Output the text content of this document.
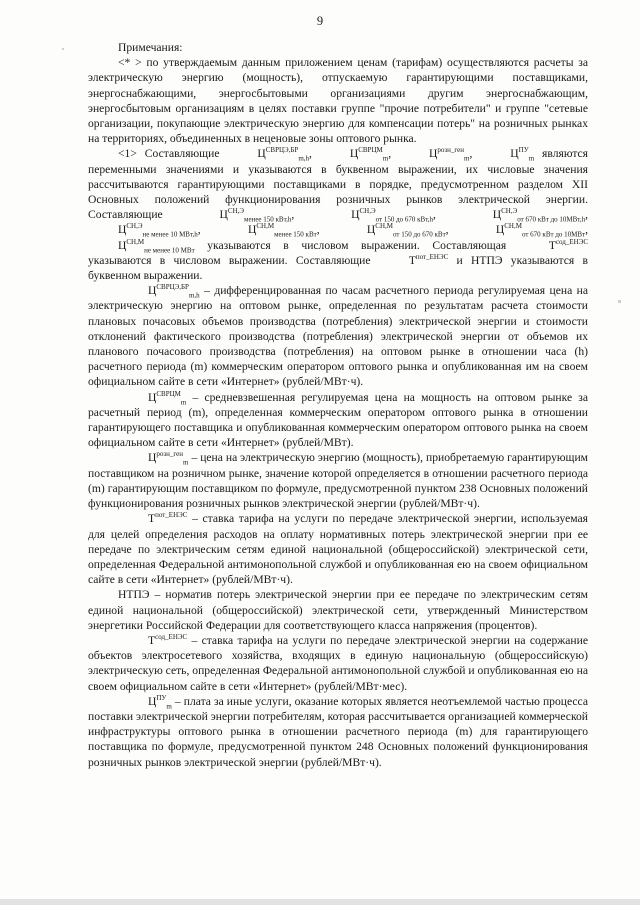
9
Примечания:

<* > по утверждаемым данным приложением ценам (тарифам) осуществляются расчеты за электрическую энергию (мощность), отпускаемую гарантирующими поставщиками, энергоснабжающими, энергосбытовыми организациями другим энергоснабжающим, энергосбытовым организациям в целях поставки группе "прочие потребители" и группе "сетевые организации, покупающие электрическую энергию для компенсации потерь" на розничных рынках на территориях, объединенных в неценовые зоны оптового рынка.

<1> Составляющие	$Ц^{СВРЦЭ,БР}_{m,h}$,	$Ц^{СВРЦМ}_m$,	$Ц^{розн\_ген}_m$,	$Ц^{ПУ}_m$ являются переменными значениями и указываются в буквенном выражении, их числовые значения рассчитываются гарантирующими поставщиками в порядке, предусмотренном разделом XII Основных положений функционирования розничных рынков электрической энергии. Составляющие	$Ц^{СН,Э}_{менее 150 кВт,h}$,	$Ц^{СН,Э}_{от 150 до 670 кВт,h}$,	$Ц^{СН,Э}_{от 670 кВт до 10МВт,h}$, $Ц^{СН,Э}_{не менее 10 МВт,h}$,	$Ц^{СН,М}_{менее 150 кВт}$,	$Ц^{СН,М}_{от 150 до 670 кВт}$,	$Ц^{СН,М}_{от 670 кВт до 10МВт}$, $Ц^{СН,М}_{не менее 10 МВт}$ указываются в числовом выражении. Составляющая	$Т^{сод\_ЕНЭС}$ указываются в числовом выражении. Составляющие	$Т^{пот\_ЕНЭС}$ и НТПЭ указываются в буквенном выражении.

$Ц^{СВРЦЭ,БР}_{m,h}$ – дифференцированная по часам расчетного периода регулируемая цена на электрическую энергию на оптовом рынке, определенная по результатам расчета стоимости плановых почасовых объемов производства (потребления) электрической энергии и стоимости отклонений фактического производства (потребления) электрической энергии от объемов их планового почасового производства (потребления) на оптовом рынке в отношении часа (h) расчетного периода (m) коммерческим оператором оптового рынка и опубликованная им на своем официальном сайте в сети «Интернет» (рублей/МВт·ч).

$Ц^{СВРЦМ}_m$ – средневзвешенная регулируемая цена на мощность на оптовом рынке за расчетный период (m), определенная коммерческим оператором оптового рынка в отношении гарантирующего поставщика и опубликованная коммерческим оператором оптового рынка на своем официальном сайте в сети «Интернет» (рублей/МВт).

$Ц^{розн\_ген}_m$ – цена на электрическую энергию (мощность), приобретаемую гарантирующим поставщиком на розничном рынке, значение которой определяется в отношении расчетного периода (m) гарантирующим поставщиком по формуле, предусмотренной пунктом 238 Основных положений функционирования розничных рынков электрической энергии (рублей/МВт·ч).

$Т^{пот\_ЕНЭС}$ – ставка тарифа на услуги по передаче электрической энергии, используемая для целей определения расходов на оплату нормативных потерь электрической энергии при ее передаче по электрическим сетям единой национальной (общероссийской) электрической сети, определенная Федеральной антимонопольной службой и опубликованная ею на своем официальном сайте в сети «Интернет» (рублей/МВт·ч).

НТПЭ – норматив потерь электрической энергии при ее передаче по электрическим сетям единой национальной (общероссийской) электрической сети, утвержденный Министерством энергетики Российской Федерации для соответствующего класса напряжения (процентов).

$Т^{сод\_ЕНЭС}$ – ставка тарифа на услуги по передаче электрической энергии на содержание объектов электросетевого хозяйства, входящих в единую национальную (общероссийскую) электрическую сеть, определенная Федеральной антимонопольной службой и опубликованная ею на своем официальном сайте в сети «Интернет» (рублей/МВт·мес).

$Ц^{ПУ}_m$ – плата за иные услуги, оказание которых является неотъемлемой частью процесса поставки электрической энергии потребителям, которая рассчитывается организацией коммерческой инфраструктуры оптового рынка в отношении расчетного периода (m) для гарантирующего поставщика по формуле, предусмотренной пунктом 248 Основных положений функционирования розничных рынков электрической энергии (рублей/МВт·ч).
